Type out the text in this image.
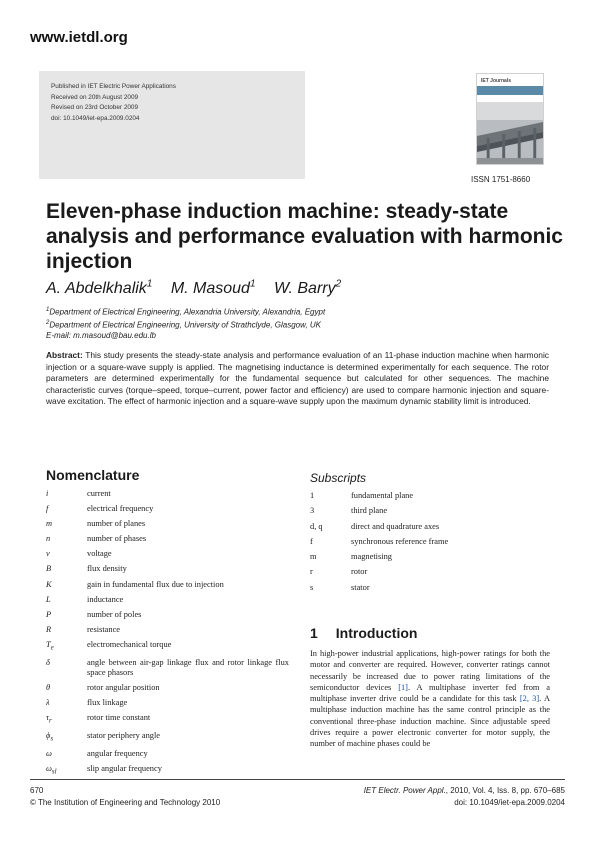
www.ietdl.org
Published in IET Electric Power Applications
Received on 20th August 2009
Revised on 23rd October 2009
doi: 10.1049/iet-epa.2009.0204
IET Journals
ISSN 1751-8660
Eleven-phase induction machine: steady-state analysis and performance evaluation with harmonic injection
A. Abdelkhalik$^1$ M. Masoud$^1$ W. Barry$^2$
$^1$Department of Electrical Engineering, Alexandria University, Alexandria, Egypt
$^2$Department of Electrical Engineering, University of Strathclyde, Glasgow, UK
E-mail: m.masoud@bau.edu.lb

Abstract: This study presents the steady-state analysis and performance evaluation of an 11-phase induction machine when harmonic injection or a square-wave supply is applied. The magnetising inductance is determined experimentally for each sequence. The rotor parameters are determined experimentally for the fundamental sequence but calculated for other sequences. The machine characteristic curves (torque–speed, torque–current, power factor and efficiency) are used to compare harmonic injection and square-wave excitation. The effect of harmonic injection and a square-wave supply upon the maximum dynamic stability limit is introduced.

Nomenclature
i	current
f	electrical frequency
m	number of planes
n	number of phases
v	voltage
B	flux density
K	gain in fundamental flux due to injection
L	inductance
P	number of poles
R	resistance
$T_e$	electromechanical torque
δ	angle between air-gap linkage flux and rotor linkage flux space phasors
θ	rotor angular position
λ	flux linkage
$\tau_r$	rotor time constant
$\phi_s$	stator periphery angle
ω	angular frequency
$\omega_{sl}$	slip angular frequency
Subscripts
1	fundamental plane
3	third plane
d, q	direct and quadrature axes
f	synchronous reference frame
m	magnetising
r	rotor
s	stator
1 Introduction

In high-power industrial applications, high-power ratings for both the motor and converter are required. However, converter ratings cannot necessarily be increased due to power rating limitations of the semiconductor devices [1]. A multiphase inverter fed from a multiphase inverter drive could be a candidate for this task [2, 3]. A multiphase induction machine has the same control principle as the conventional three-phase induction machine. Since adjustable speed drives require a power electronic converter for motor supply, the number of machine phases could be

670
© The Institution of Engineering and Technology 2010
IET Electr. Power Appl., 2010, Vol. 4, Iss. 8, pp. 670–685
doi: 10.1049/iet-epa.2009.0204
